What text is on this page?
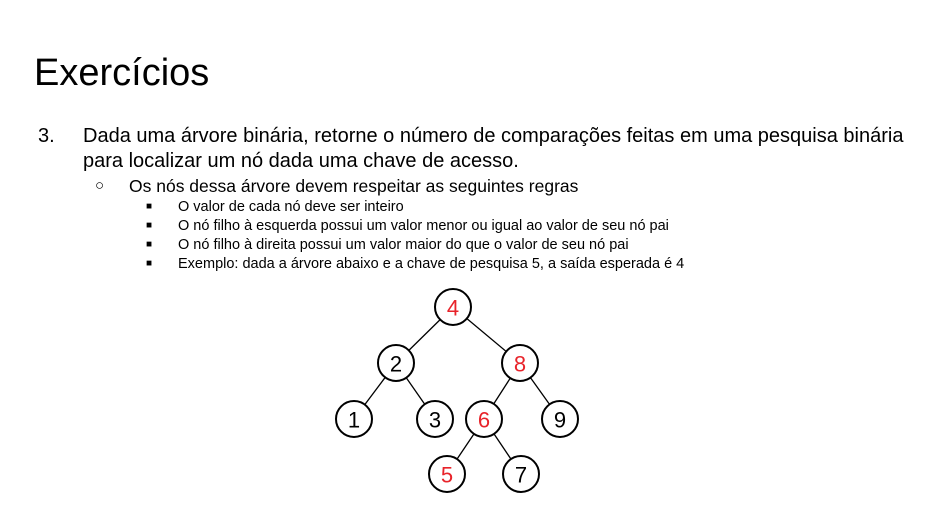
Exercícios
3. Dada uma árvore binária, retorne o número de comparações feitas em uma pesquisa binária para localizar um nó dada uma chave de acesso.
○ Os nós dessa árvore devem respeitar as seguintes regras
■ O valor de cada nó deve ser inteiro
■ O nó filho à esquerda possui um valor menor ou igual ao valor de seu nó pai
■ O nó filho à direita possui um valor maior do que o valor de seu nó pai
■ Exemplo: dada a árvore abaixo e a chave de pesquisa 5, a saída esperada é 4
4
2	8
1	3 6	9
5	7
